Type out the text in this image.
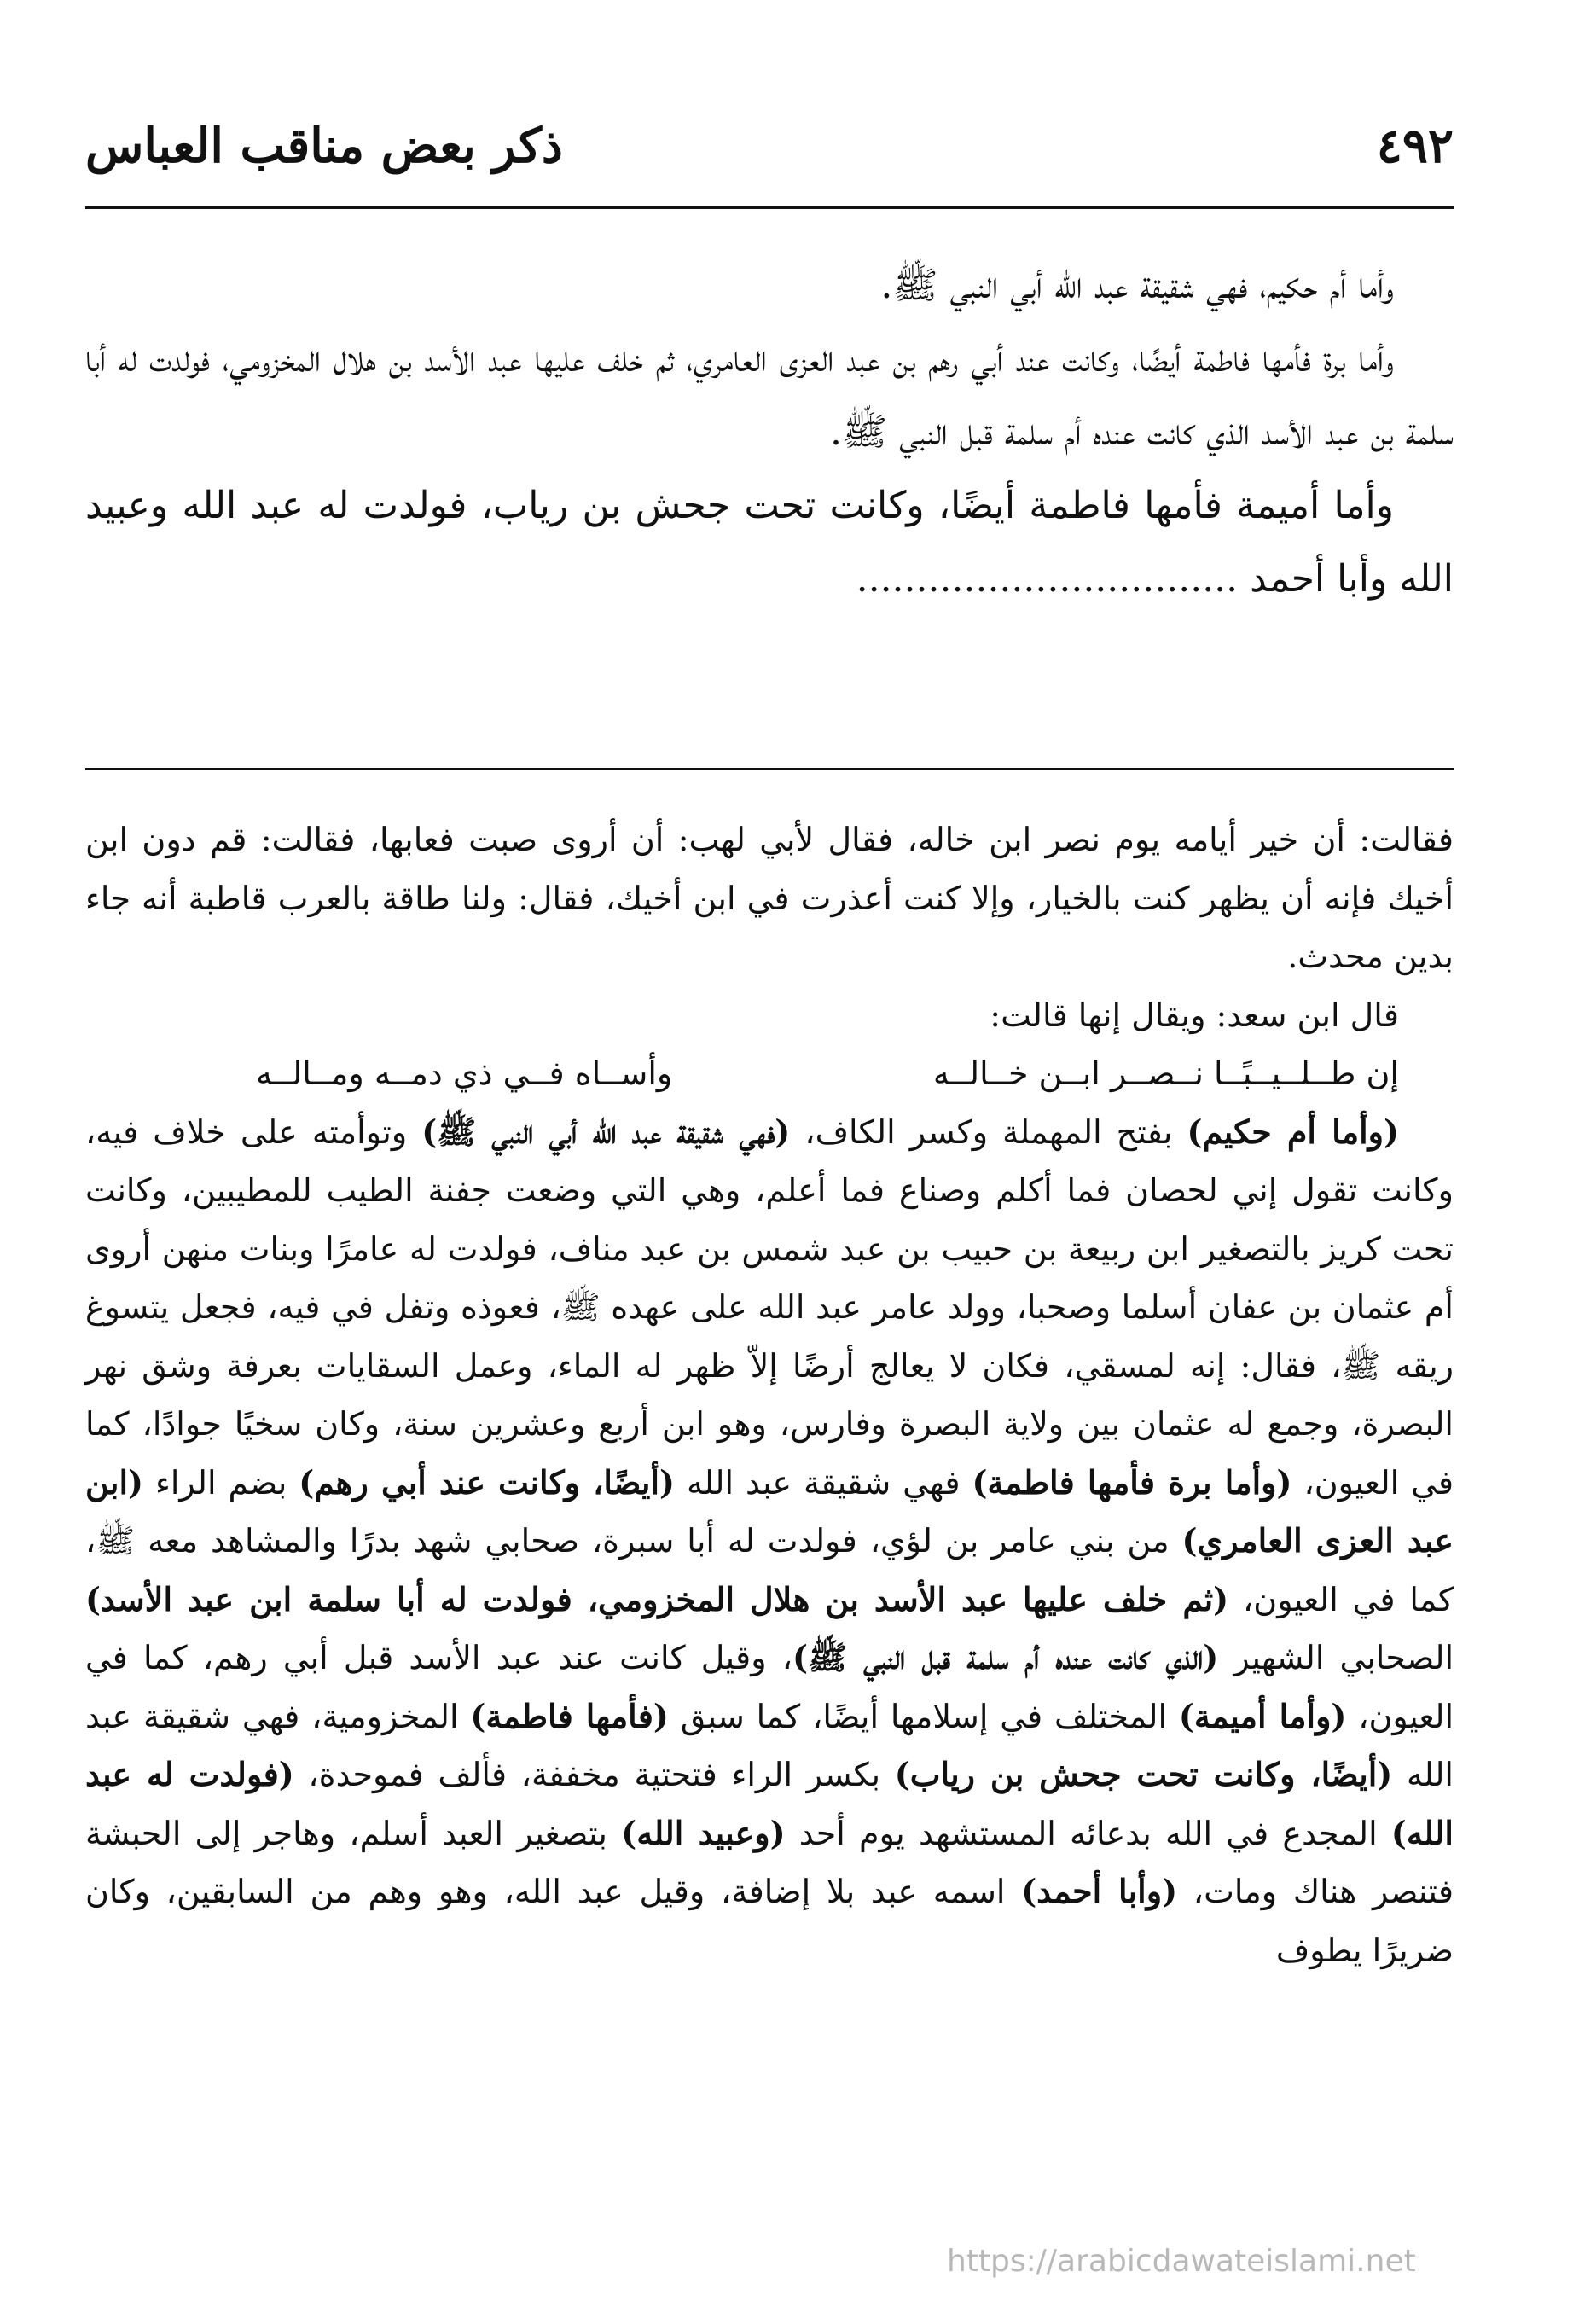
٤٩٢
ذكر بعض مناقب العباس

وأما أم حكيم، فهي شقيقة عبد الله أبي النبي ﷺ.

وأما برة فأمها فاطمة أيضًا، وكانت عند أبي رهم بن عبد العزى العامري، ثم خلف عليها عبد الأسد بن هلال المخزومي، فولدت له أبا سلمة بن عبد الأسد الذي كانت عنده أم سلمة قبل النبي ﷺ.

وأما أميمة فأمها فاطمة أيضًا، وكانت تحت جحش بن رياب، فولدت له عبد الله وعبيد الله وأبا أحمد ................................

فقالت: أن خير أيامه يوم نصر ابن خاله، فقال لأبي لهب: أن أروى صبت فعابها، فقالت: قم دون ابن أخيك فإنه أن يظهر كنت بالخيار، وإلا كنت أعذرت في ابن أخيك، فقال: ولنا طاقة بالعرب قاطبة أنه جاء بدين محدث.

قال ابن سعد: ويقال إنها قالت:

إن طــلــيــبًــا نــصــر ابــن خــالــه
وأســاه فــي ذي دمــه ومــالــه

(وأما أم حكيم) بفتح المهملة وكسر الكاف، (فهي شقيقة عبد الله أبي النبي ﷺ) وتوأمته على خلاف فيه، وكانت تقول إني لحصان فما أكلم وصناع فما أعلم، وهي التي وضعت جفنة الطيب للمطيبين، وكانت تحت كريز بالتصغير ابن ربيعة بن حبيب بن عبد شمس بن عبد مناف، فولدت له عامرًا وبنات منهن أروى أم عثمان بن عفان أسلما وصحبا، وولد عامر عبد الله على عهده ﷺ، فعوذه وتفل في فيه، فجعل يتسوغ ريقه ﷺ، فقال: إنه لمسقي، فكان لا يعالج أرضًا إلاّ ظهر له الماء، وعمل السقايات بعرفة وشق نهر البصرة، وجمع له عثمان بين ولاية البصرة وفارس، وهو ابن أربع وعشرين سنة، وكان سخيًا جوادًا، كما في العيون، (وأما برة فأمها فاطمة) فهي شقيقة عبد الله (أيضًا، وكانت عند أبي رهم) بضم الراء (ابن عبد العزى العامري) من بني عامر بن لؤي، فولدت له أبا سبرة، صحابي شهد بدرًا والمشاهد معه ﷺ، كما في العيون، (ثم خلف عليها عبد الأسد بن هلال المخزومي، فولدت له أبا سلمة ابن عبد الأسد) الصحابي الشهير (الذي كانت عنده أم سلمة قبل النبي ﷺ)، وقيل كانت عند عبد الأسد قبل أبي رهم، كما في العيون، (وأما أميمة) المختلف في إسلامها أيضًا، كما سبق (فأمها فاطمة) المخزومية، فهي شقيقة عبد الله (أيضًا، وكانت تحت جحش بن رياب) بكسر الراء فتحتية مخففة، فألف فموحدة، (فولدت له عبد الله) المجدع في الله بدعائه المستشهد يوم أحد (وعبيد الله) بتصغير العبد أسلم، وهاجر إلى الحبشة فتنصر هناك ومات، (وأبا أحمد) اسمه عبد بلا إضافة، وقيل عبد الله، وهو وهم من السابقين، وكان ضريرًا يطوف

https://arabicdawateislami.net
